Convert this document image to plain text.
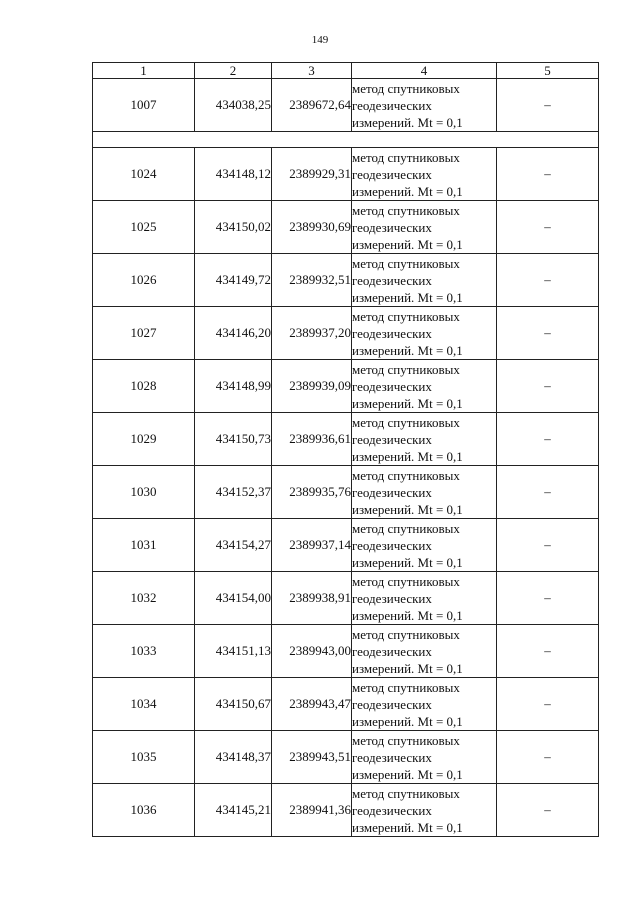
149
1	2	3	4	5
1007	434038,25	2389672,64	метод спутниковых
геодезических
измерений. Mt = 0,1	–

1024	434148,12	2389929,31	метод спутниковых
геодезических
измерений. Mt = 0,1	–
1025	434150,02	2389930,69	метод спутниковых
геодезических
измерений. Mt = 0,1	–
1026	434149,72	2389932,51	метод спутниковых
геодезических
измерений. Mt = 0,1	–
1027	434146,20	2389937,20	метод спутниковых
геодезических
измерений. Mt = 0,1	–
1028	434148,99	2389939,09	метод спутниковых
геодезических
измерений. Mt = 0,1	–
1029	434150,73	2389936,61	метод спутниковых
геодезических
измерений. Mt = 0,1	–
1030	434152,37	2389935,76	метод спутниковых
геодезических
измерений. Mt = 0,1	–
1031	434154,27	2389937,14	метод спутниковых
геодезических
измерений. Mt = 0,1	–
1032	434154,00	2389938,91	метод спутниковых
геодезических
измерений. Mt = 0,1	–
1033	434151,13	2389943,00	метод спутниковых
геодезических
измерений. Mt = 0,1	–
1034	434150,67	2389943,47	метод спутниковых
геодезических
измерений. Mt = 0,1	–
1035	434148,37	2389943,51	метод спутниковых
геодезических
измерений. Mt = 0,1	–
1036	434145,21	2389941,36	метод спутниковых
геодезических
измерений. Mt = 0,1	–
